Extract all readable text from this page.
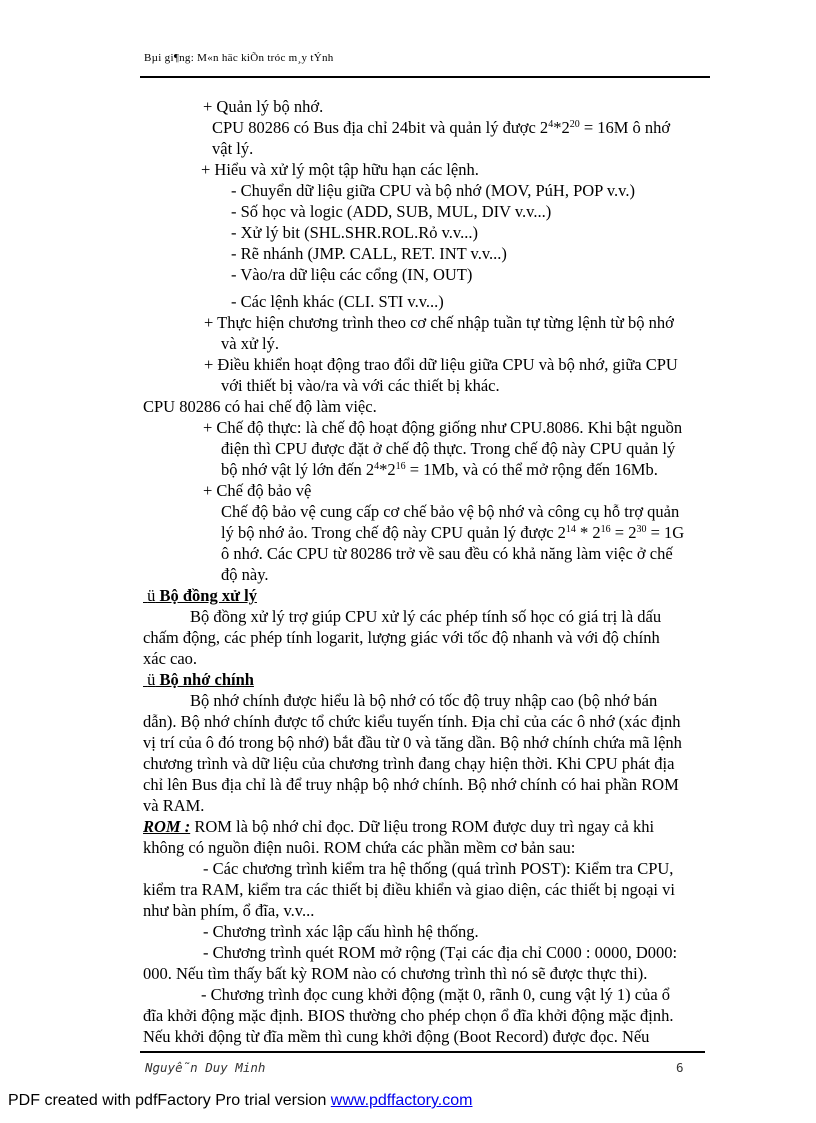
Bµi gi¶ng: M«n häc kiÕn tróc m¸y tÝnh
+ Quản lý bộ nhớ.
CPU 80286 có Bus địa chỉ 24bit và quản lý được $2^4*2^{20} = 16M$ ô nhớ
vật lý.
+ Hiểu và xử lý một tập hữu hạn các lệnh.
- Chuyển dữ liệu giữa CPU và bộ nhớ (MOV, PúH, POP v.v.)
- Số học và logic (ADD, SUB, MUL, DIV v.v...)
- Xử lý bit (SHL.SHR.ROL.Rỏ v.v...)
- Rẽ nhánh (JMP. CALL, RET. INT v.v...)
- Vào/ra dữ liệu các cổng (IN, OUT)
- Các lệnh khác (CLI. STI v.v...)
+ Thực hiện chương trình theo cơ chế nhập tuần tự từng lệnh từ bộ nhớ
và xử lý.
+ Điều khiển hoạt động trao đổi dữ liệu giữa CPU và bộ nhớ, giữa CPU
với thiết bị vào/ra và với các thiết bị khác.
CPU 80286 có hai chế độ làm việc.
+ Chế độ thực: là chế độ hoạt động giống như CPU.8086. Khi bật nguồn
điện thì CPU được đặt ở chế độ thực. Trong chế độ này CPU quản lý
bộ nhớ vật lý lớn đến $2^4*2^{16} = 1Mb$, và có thể mở rộng đến 16Mb.
+ Chế độ bảo vệ
Chế độ bảo vệ cung cấp cơ chế bảo vệ bộ nhớ và công cụ hỗ trợ quản
lý bộ nhớ ảo. Trong chế độ này CPU quản lý được $2^{14} * 2^{16} = 2^{30} = 1G$
ô nhớ. Các CPU từ 80286 trở về sau đều có khả năng làm việc ở chế
độ này.
ü Bộ đồng xử lý
Bộ đồng xử lý trợ giúp CPU xử lý các phép tính số học có giá trị là dấu
chấm động, các phép tính logarit, lượng giác với tốc độ nhanh và với độ chính
xác cao.
ü Bộ nhớ chính
Bộ nhớ chính được hiểu là bộ nhớ có tốc độ truy nhập cao (bộ nhớ bán
dẫn). Bộ nhớ chính được tổ chức kiểu tuyến tính. Địa chỉ của các ô nhớ (xác định
vị trí của ô đó trong bộ nhớ) bắt đầu từ 0 và tăng dần. Bộ nhớ chính chứa mã lệnh
chương trình và dữ liệu của chương trình đang chạy hiện thời. Khi CPU phát địa
chỉ lên Bus địa chỉ là để truy nhập bộ nhớ chính. Bộ nhớ chính có hai phần ROM
và RAM.
ROM : ROM là bộ nhớ chỉ đọc. Dữ liệu trong ROM được duy trì ngay cả khi
không có nguồn điện nuôi. ROM chứa các phần mềm cơ bản sau:
- Các chương trình kiểm tra hệ thống (quá trình POST): Kiểm tra CPU,
kiểm tra RAM, kiểm tra các thiết bị điều khiển và giao diện, các thiết bị ngoại vi
như bàn phím, ổ đĩa, v.v...
- Chương trình xác lập cấu hình hệ thống.
- Chương trình quét ROM mở rộng (Tại các địa chỉ C000 : 0000, D000:
000. Nếu tìm thấy bất kỳ ROM nào có chương trình thì nó sẽ được thực thi).
- Chương trình đọc cung khởi động (mặt 0, rãnh 0, cung vật lý 1) của ổ
đĩa khởi động mặc định. BIOS thường cho phép chọn ổ đĩa khởi động mặc định.
Nếu khởi động từ đĩa mềm thì cung khởi động (Boot Record) được đọc. Nếu
Nguyễn Duy Minh	6
PDF created with pdfFactory Pro trial version www.pdffactory.com
